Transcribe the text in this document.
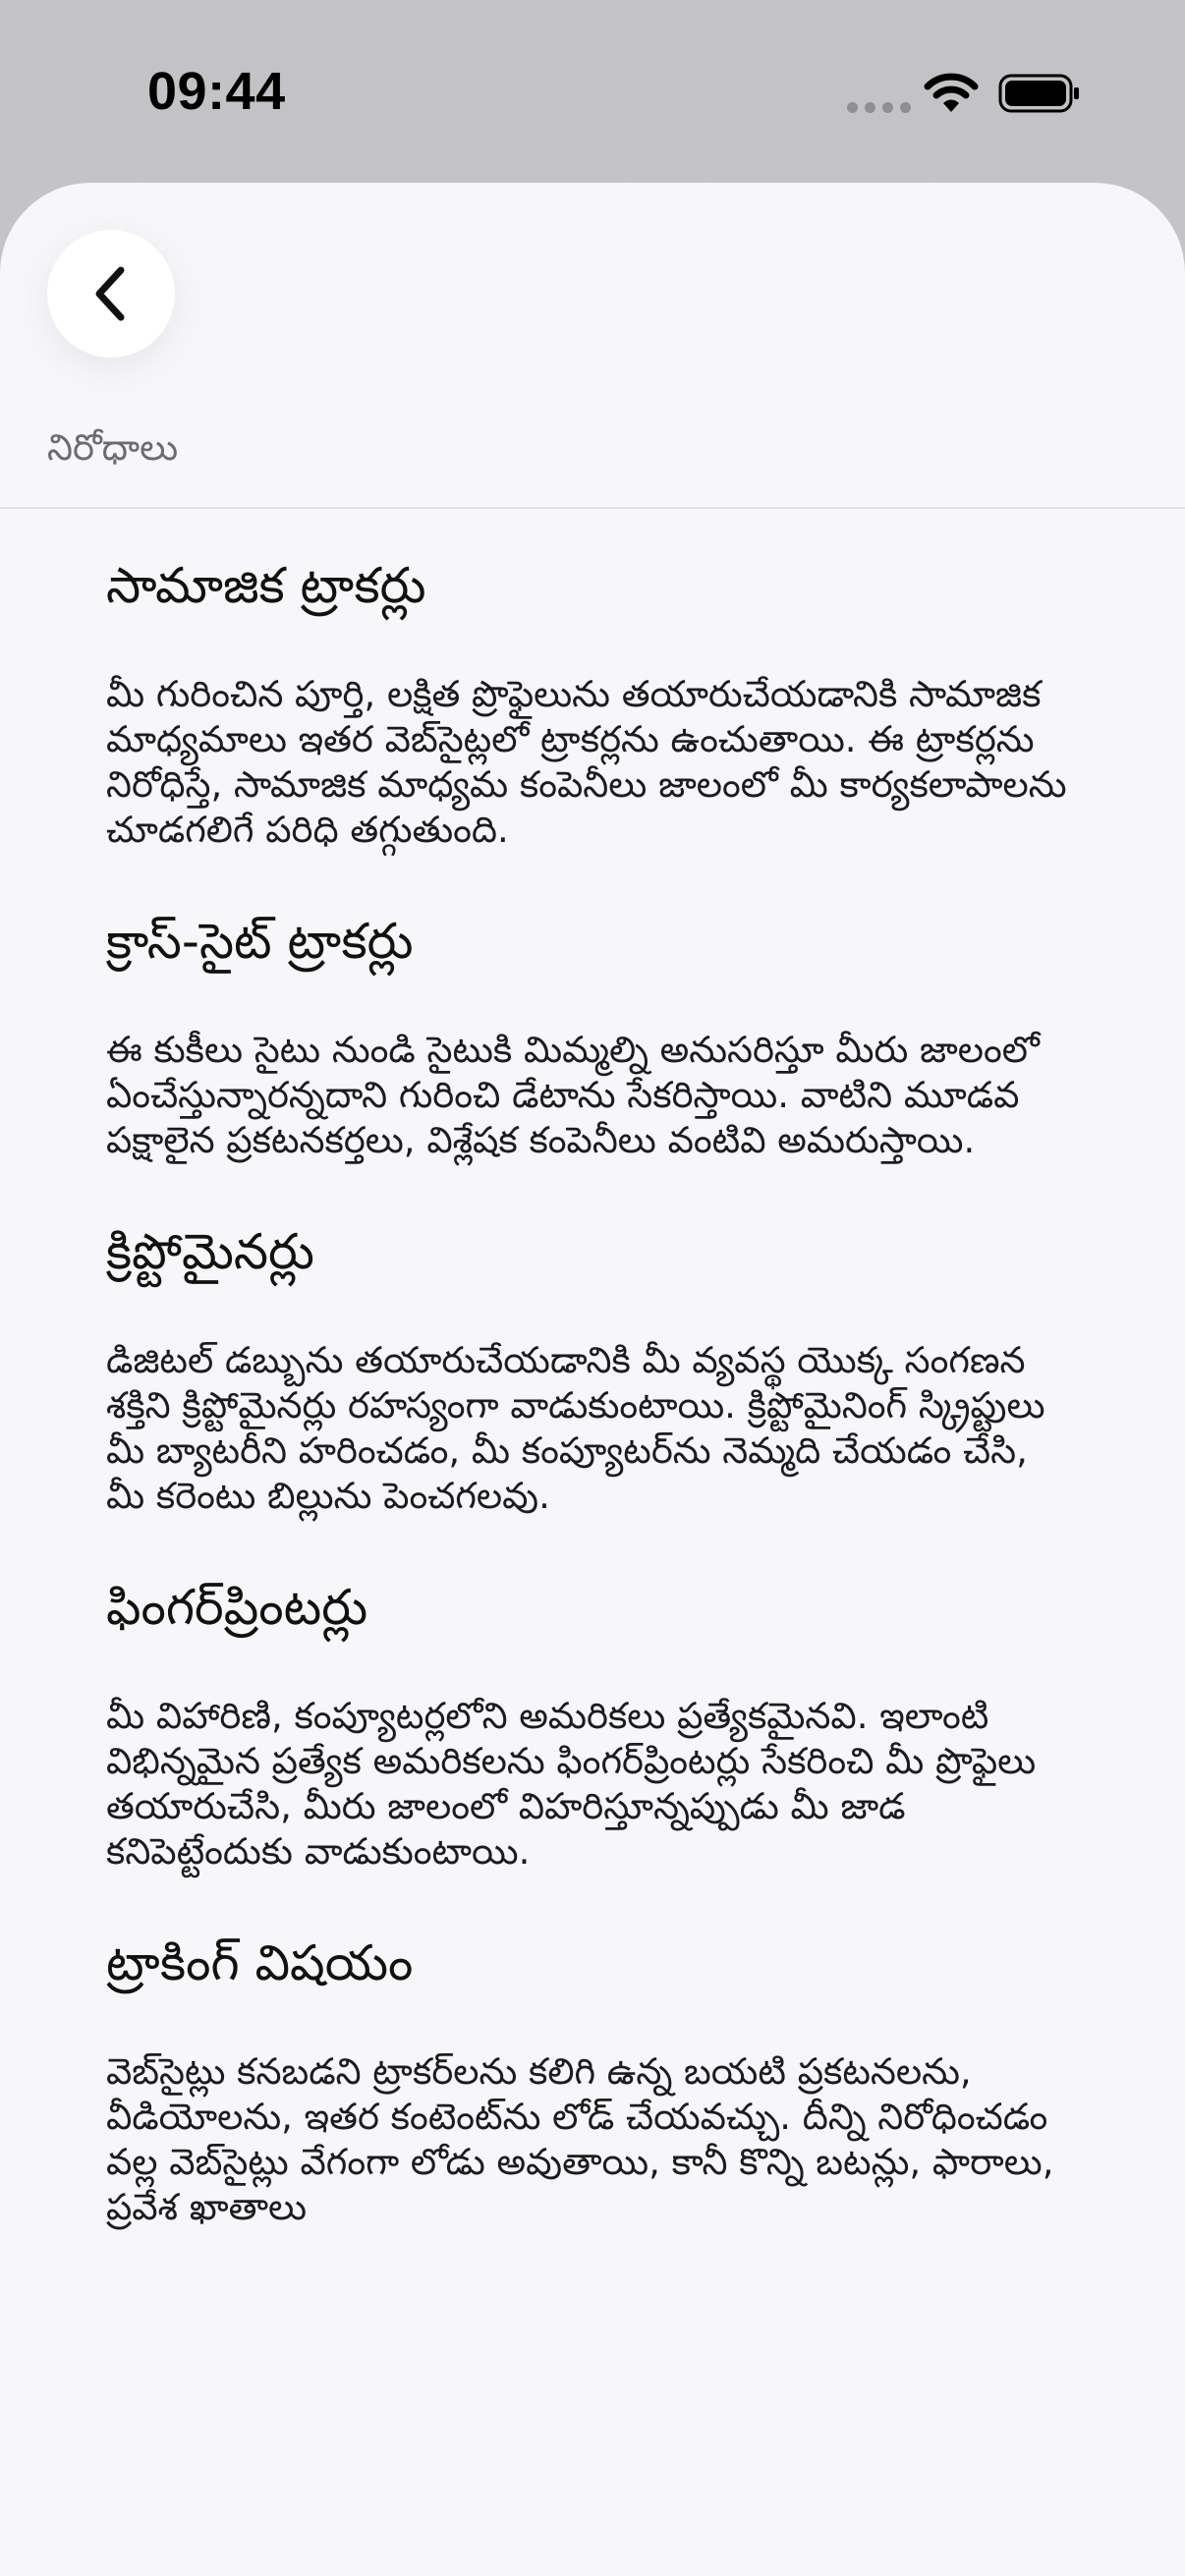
09:44
నిరోధాలు
సామాజిక ట్రాకర్లు

మీ గురించిన పూర్తి, లక్షిత ప్రొఫైలును తయారుచేయడానికి సామాజిక మాధ్యమాలు ఇతర వెబ్‌సైట్లలో ట్రాకర్లను ఉంచుతాయి. ఈ ట్రాకర్లను నిరోధిస్తే, సామాజిక మాధ్యమ కంపెనీలు జాలంలో మీ కార్యకలాపాలను చూడగలిగే పరిధి తగ్గుతుంది.

క్రాస్-సైట్ ట్రాకర్లు

ఈ కుకీలు సైటు నుండి సైటుకి మిమ్మల్ని అనుసరిస్తూ మీరు జాలంలో ఏంచేస్తున్నారన్నదాని గురించి డేటాను సేకరిస్తాయి. వాటిని మూడవ పక్షాలైన ప్రకటనకర్తలు, విశ్లేషక కంపెనీలు వంటివి అమరుస్తాయి.

క్రిప్టోమైనర్లు

డిజిటల్ డబ్బును తయారుచేయడానికి మీ వ్యవస్థ యొక్క సంగణన శక్తిని క్రిప్టోమైనర్లు రహస్యంగా వాడుకుంటాయి. క్రిప్టోమైనింగ్ స్క్రిప్టులు మీ బ్యాటరీని హరించడం, మీ కంప్యూటర్‌ను నెమ్మది చేయడం చేసి, మీ కరెంటు బిల్లును పెంచగలవు.

ఫింగర్‌ప్రింటర్లు

మీ విహారిణి, కంప్యూటర్లలోని అమరికలు ప్రత్యేకమైనవి. ఇలాంటి విభిన్నమైన ప్రత్యేక అమరికలను ఫింగర్‌ప్రింటర్లు సేకరించి మీ ప్రొఫైలు తయారుచేసి, మీరు జాలంలో విహరిస్తూన్నప్పుడు మీ జాడ కనిపెట్టేందుకు వాడుకుంటాయి.

ట్రాకింగ్ విషయం

వెబ్‌సైట్లు కనబడని ట్రాకర్‌లను కలిగి ఉన్న బయటి ప్రకటనలను, వీడియోలను, ఇతర కంటెంట్‌ను లోడ్ చేయవచ్చు. దీన్ని నిరోధించడం వల్ల వెబ్‌సైట్లు వేగంగా లోడు అవుతాయి, కానీ కొన్ని బటన్లు, ఫారాలు, ప్రవేశ ఖాతాలు
